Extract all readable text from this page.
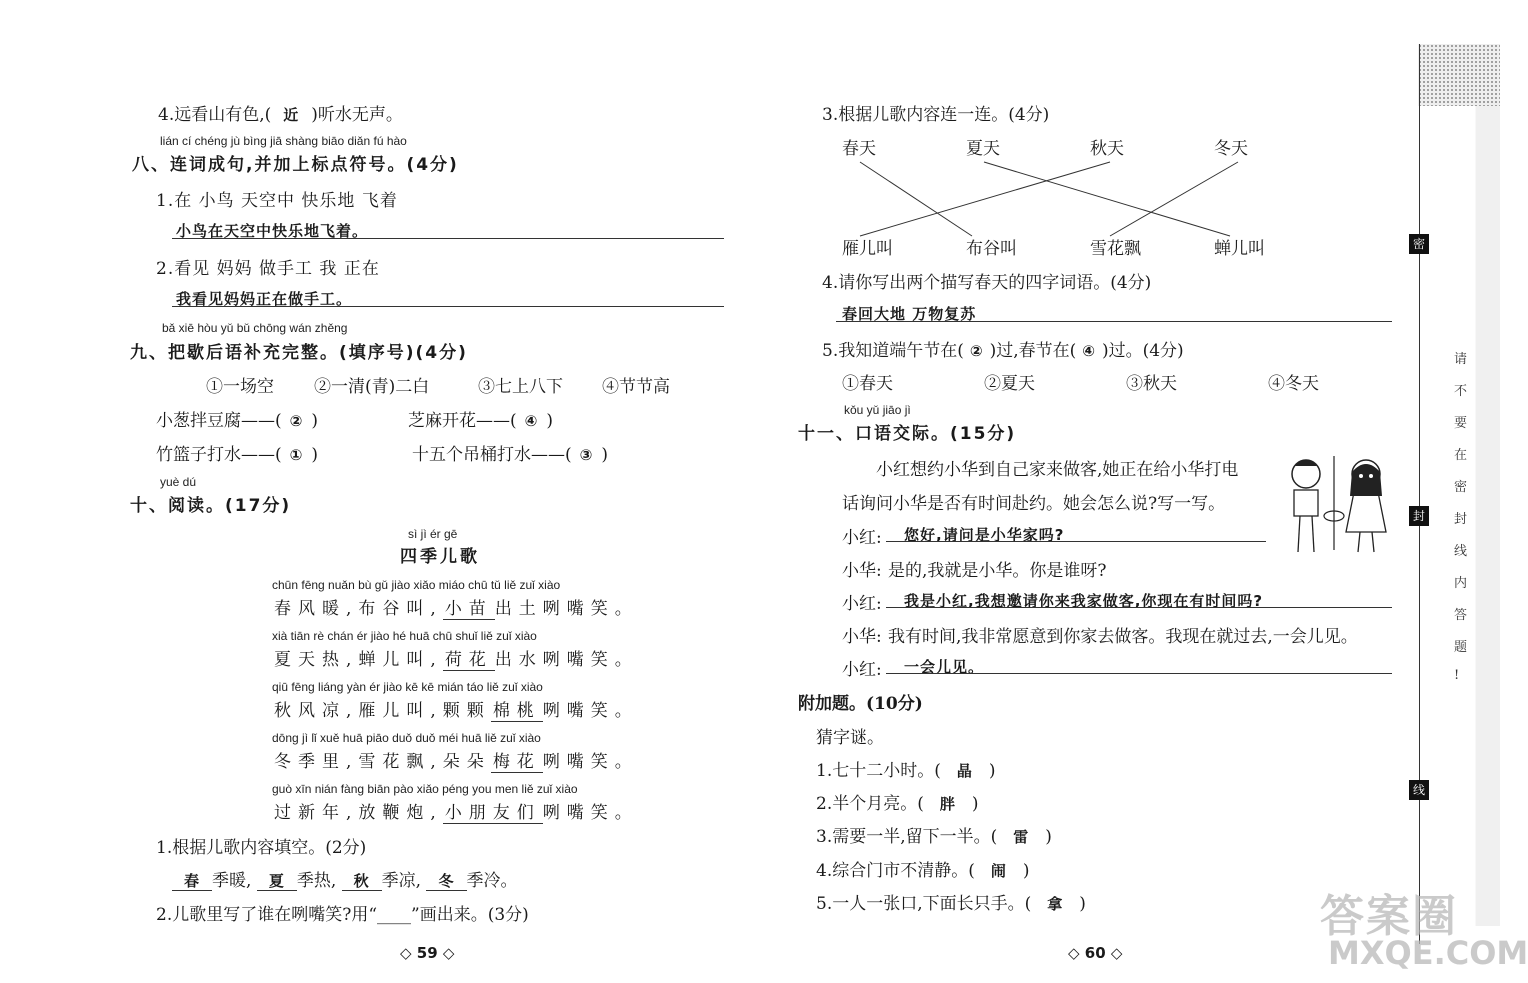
4.远看山有色,( 近 )听水无声。
lián cí chéng jù bìng jiā shàng biāo diǎn fú hào
八、连词成句,并加上标点符号。(4分)
1.在 小鸟 天空中 快乐地 飞着
小鸟在天空中快乐地飞着。
2.看见 妈妈 做手工 我 正在
我看见妈妈正在做手工。
bǎ xiē hòu yǔ bǔ chōng wán zhěng
九、把歇后语补充完整。(填序号)(4分)
①一场空 ②一清(青)二白	③七上八下 ④节节高
小葱拌豆腐——( ② )	芝麻开花——( ④ )
竹篮子打水——( ① )	十五个吊桶打水——( ③ )
yuè dú
十、阅读。(17分)
sì jì ér gē
四季儿歌
chūn fēng nuǎn bù gǔ jiào xiǎo miáo chū tǔ liě zuǐ xiào
春风暖,布谷叫, 小苗 出土咧嘴笑。
xià tiān rè chán ér jiào hé huā chū shuǐ liě zuǐ xiào
夏天热,蝉儿叫, 荷花 出水咧嘴笑。
qiū fēng liáng yàn ér jiào kē kē mián táo liě zuǐ xiào
秋风凉,雁儿叫,颗颗 棉桃 咧嘴笑。
dōng jì lǐ xuě huā piāo duǒ duǒ méi huā liě zuǐ xiào
冬季里,雪花飘,朵朵 梅花 咧嘴笑。
guò xīn nián fàng biān pào xiǎo péng you men liě zuǐ xiào
过新年,放鞭炮, 小朋友们 咧嘴笑。
1.根据儿歌内容填空。(2分)
春 季暖, 夏 季热, 秋 季凉, 冬 季冷。
2.儿歌里写了谁在咧嘴笑?用“____”画出来。(3分)
◇ 59 ◇
3.根据儿歌内容连一连。(4分)
春天	夏天	秋天	冬天
雁儿叫	布谷叫	雪花飘	蝉儿叫
4.请你写出两个描写春天的四字词语。(4分)
春回大地 万物复苏
5.我知道端午节在( ② )过,春节在( ④ )过。(4分)
①春天	②夏天	③秋天	④冬天
kǒu yǔ jiāo jì
十一、口语交际。(15分)
小红想约小华到自己家来做客,她正在给小华打电
话询问小华是否有时间赴约。她会怎么说?写一写。
小红: 您好,请问是小华家吗?
小华: 是的,我就是小华。你是谁呀?
小红: 我是小红,我想邀请你来我家做客,你现在有时间吗?
小华: 我有时间,我非常愿意到你家去做客。我现在就过去,一会儿见。
小红: 一会儿见。
附加题。(10分)
猜字谜。
1.七十二小时。( 晶 )
2.半个月亮。( 胖 )
3.需要一半,留下一半。( 雷 )
4.综合门市不清静。( 闹 )
5.一人一张口,下面长只手。( 拿 )
◇ 60 ◇
密
封
线
请
不
要
在
密
封
线
内
答
题
!
答案圈
MXQE.COM
